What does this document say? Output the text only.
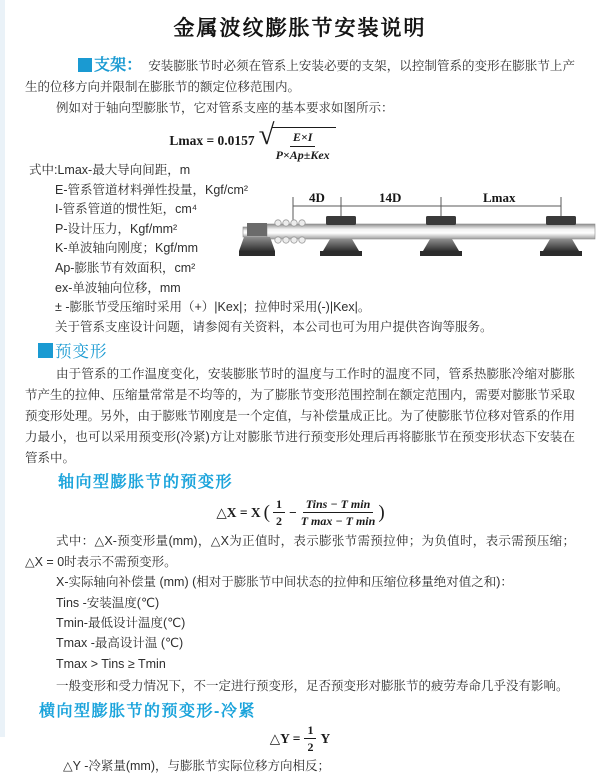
金属波纹膨胀节安装说明

支架： 安装膨胀节时必须在管系上安装必要的支架，以控制管系的变形在膨胀节上产生的位移方向并限制在膨胀节的额定位移范围内。

例如对于轴向型膨胀节，它对管系支座的基本要求如图所示：

Lmax = 0.0157 √ $\frac{E\times I}{\text{P×Ap±Kex}}$
式中:Lmax-最大导向间距，m
E-管系管道材料弹性投量，Kgf/cm²
I-管系管道的惯性矩，cm⁴
P-设计压力，Kgf/mm²
K-单波轴向刚度；Kgf/mm
Ap-膨胀节有效面积，cm²
ex-单波轴向位移，mm
± -膨胀节受压缩时采用（+）|Kex|；拉伸时采用(-)|Kex|。
关于管系支座设计问题，请参阅有关资料，本公司也可为用户提供咨询等服务。
预变形

由于管系的工作温度变化，安装膨胀节时的温度与工作时的温度不同，管系热膨胀冷缩对膨胀节产生的拉伸、压缩量常常是不均等的，为了膨胀节变形范围控制在额定范围内，需要对膨胀节采取预变形处理。另外，由于膨账节刚度是一个定值，与补偿量成正比。为了使膨胀节位移对管系的作用力最小，也可以采用预变形(冷紧)方让对膨胀节进行预变形处理后再将膨胀节在预变形状态下安装在管系中。

轴向型膨胀节的预变形
△X = X ( $\frac{1}{2} - \frac{\text{Tins − T min}}{\text{T max − T min}}$ )

式中：△X-预变形量(mm)，△X为正值时，表示膨张节需预拉伸；为负值时，表示需预压缩；△X = 0时表示不需预变形。

X-实际轴向补偿量 (mm) (相对于膨胀节中间状态的拉伸和压缩位移量绝对值之和)：
Tins -安装温度(℃)
Tmin-最低设计温度(℃)
Tmax -最高设计温 (℃)
Tmax > Tins ≥ Tmin

一般变形和受力情况下，不一定进行预变形，足否预变形对膨胀节的疲劳寿命几乎没有影响。

横向型膨胀节的预变形-冷紧
△Y = $\frac{1}{2}$ Y
△Y -冷紧量(mm)，与膨胀节实际位移方向相反；
4D	14D	Lmax
